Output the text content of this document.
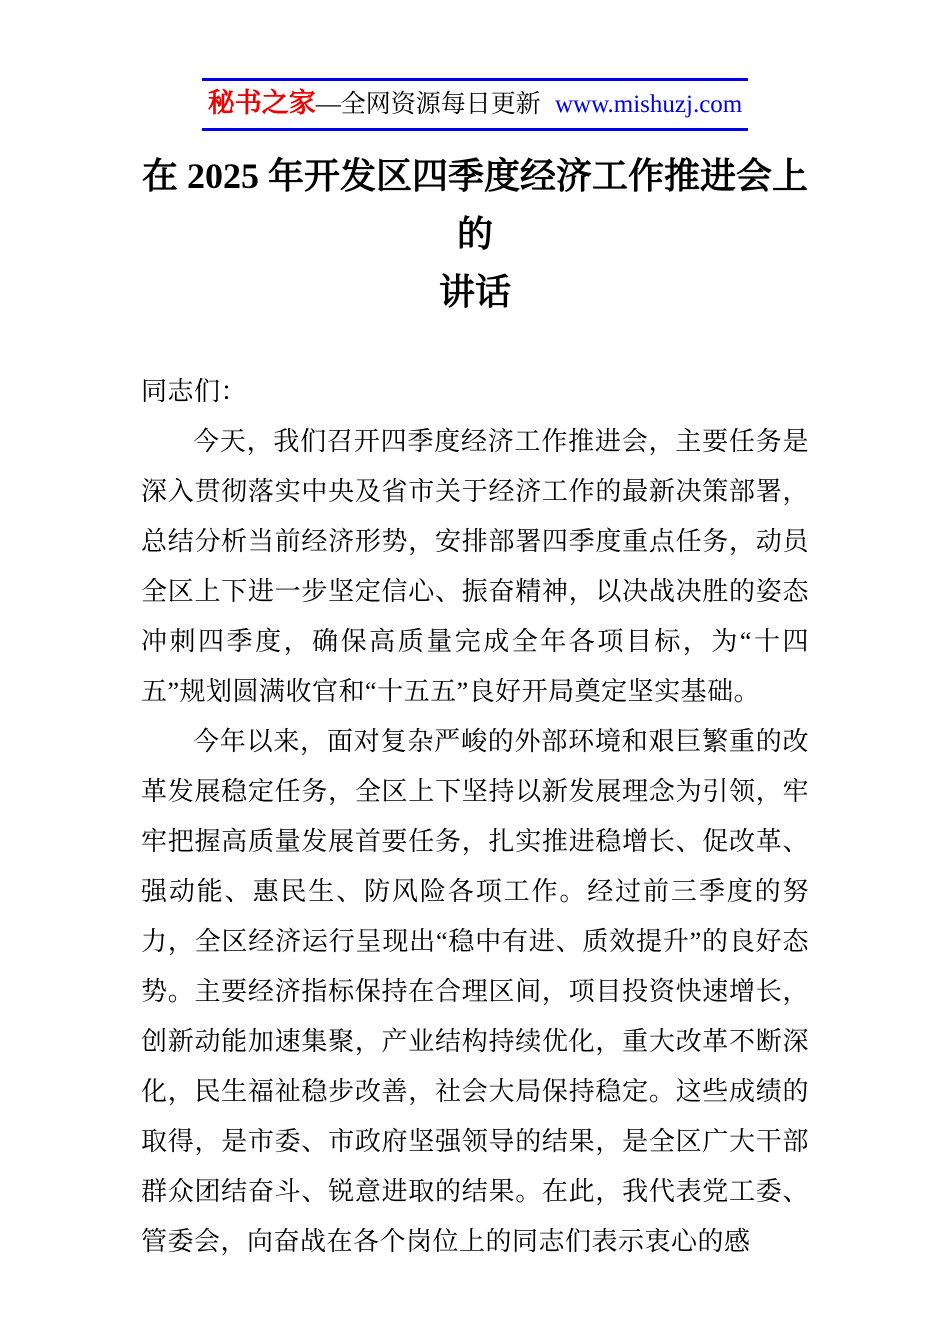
秘书之家—全网资源每日更新 www.mishuzj.com
在 2025 年开发区四季度经济工作推进会上的
讲话

同志们：

今天，我们召开四季度经济工作推进会，主要任务是深入贯彻落实中央及省市关于经济工作的最新决策部署，总结分析当前经济形势，安排部署四季度重点任务，动员全区上下进一步坚定信心、振奋精神，以决战决胜的姿态冲刺四季度，确保高质量完成全年各项目标，为“十四五”规划圆满收官和“十五五”良好开局奠定坚实基础。

今年以来，面对复杂严峻的外部环境和艰巨繁重的改革发展稳定任务，全区上下坚持以新发展理念为引领，牢牢把握高质量发展首要任务，扎实推进稳增长、促改革、强动能、惠民生、防风险各项工作。经过前三季度的努力，全区经济运行呈现出“稳中有进、质效提升”的良好态势。主要经济指标保持在合理区间，项目投资快速增长，创新动能加速集聚，产业结构持续优化，重大改革不断深化，民生福祉稳步改善，社会大局保持稳定。这些成绩的取得，是市委、市政府坚强领导的结果，是全区广大干部群众团结奋斗、锐意进取的结果。在此，我代表党工委、管委会，向奋战在各个岗位上的同志们表示衷心的感
